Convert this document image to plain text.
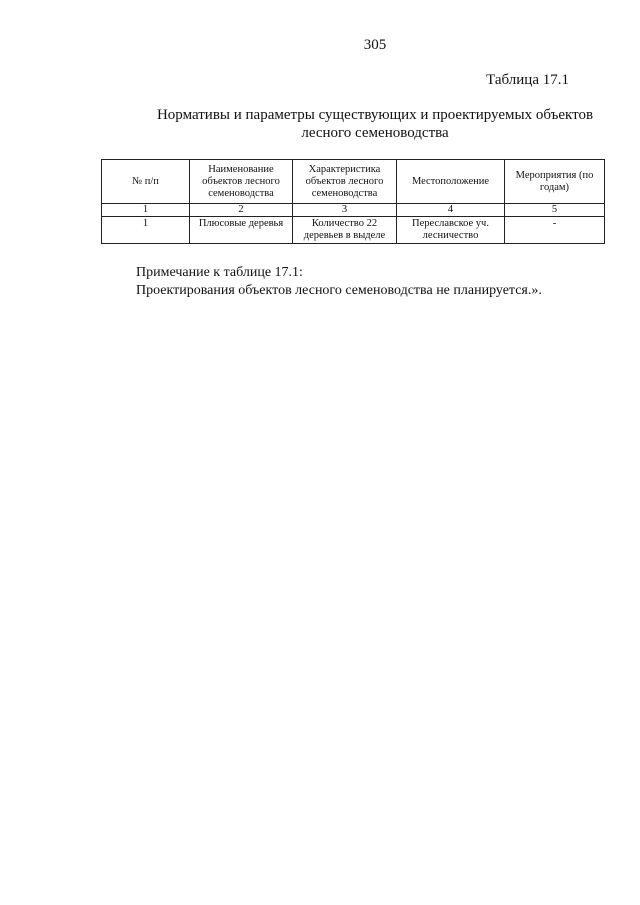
305
Таблица 17.1
Нормативы и параметры существующих и проектируемых объектов лесного семеноводства
№ п/п	Наименование объектов лесного семеноводства	Характеристика объектов лесного семеноводства	Местоположение	Мероприятия (по годам)
1	2	3	4	5
1	Плюсовые деревья	Количество 22 деревьев в выделе	Переславское уч. лесничество	-
Примечание к таблице 17.1:
Проектирования объектов лесного семеноводства не планируется.».
